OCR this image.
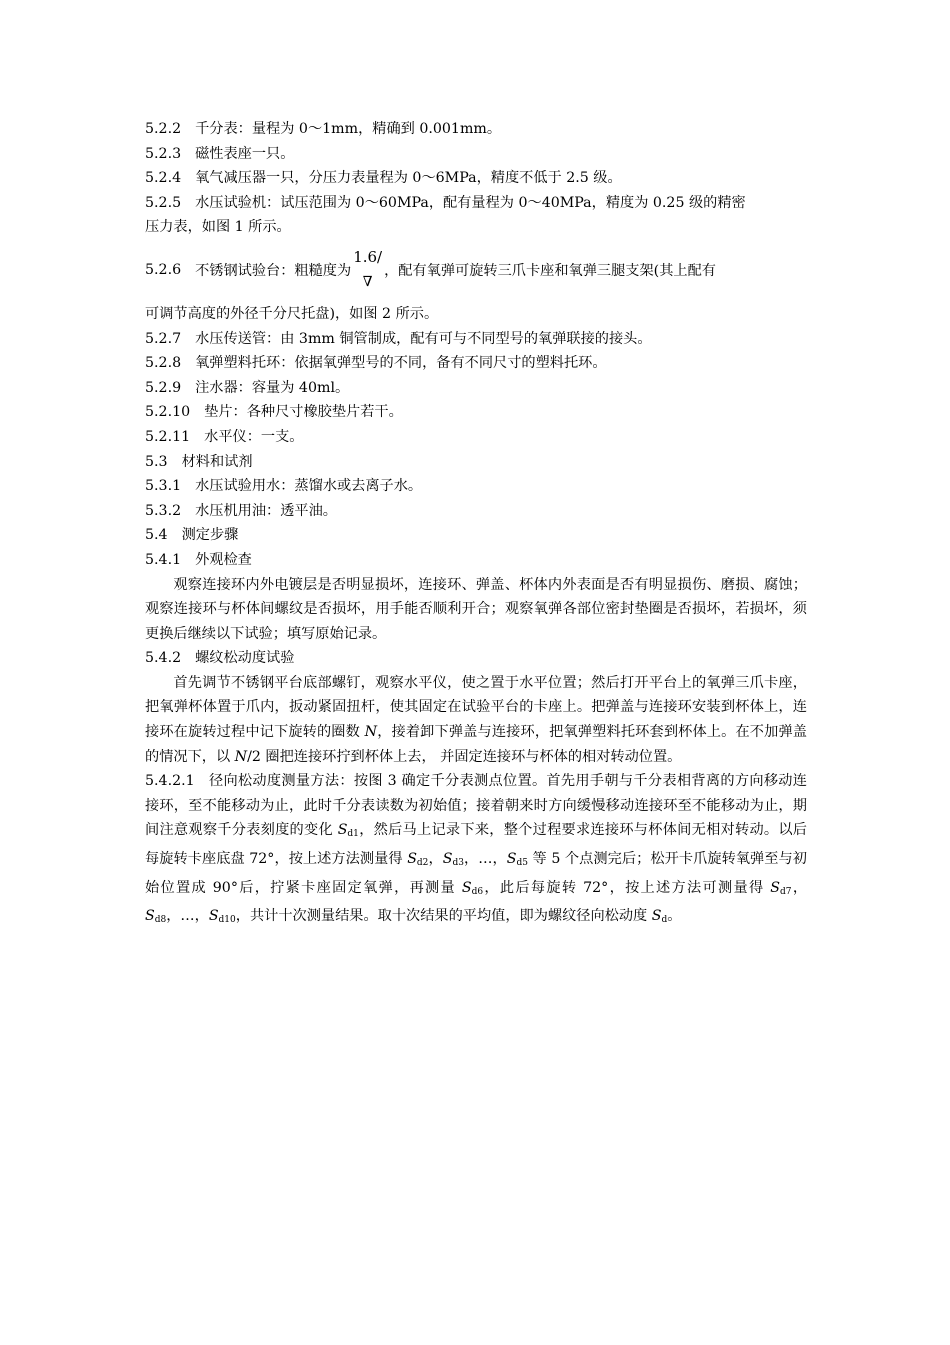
5.2.2 千分表：量程为 0～1mm，精确到 0.001mm。
5.2.3 磁性表座一只。
5.2.4 氧气减压器一只，分压力表量程为 0～6MPa，精度不低于 2.5 级。
5.2.5 水压试验机：试压范围为 0～60MPa，配有量程为 0～40MPa，精度为 0.25 级的精密
压力表，如图 1 所示。
5.2.6 不锈钢试验台：粗糙度为
1.6/
∇
，配有氧弹可旋转三爪卡座和氧弹三腿支架(其上配有
可调节高度的外径千分尺托盘)，如图 2 所示。
5.2.7 水压传送管：由 3mm 铜管制成，配有可与不同型号的氧弹联接的接头。
5.2.8 氧弹塑料托环：依据氧弹型号的不同，备有不同尺寸的塑料托环。
5.2.9 注水器：容量为 40ml。
5.2.10 垫片：各种尺寸橡胶垫片若干。
5.2.11 水平仪：一支。
5.3 材料和试剂
5.3.1 水压试验用水：蒸馏水或去离子水。
5.3.2 水压机用油：透平油。
5.4 测定步骤
5.4.1 外观检查
观察连接环内外电镀层是否明显损坏，连接环、弹盖、杯体内外表面是否有明显损伤、磨损、腐蚀；观察连接环与杯体间螺纹是否损坏，用手能否顺利开合；观察氧弹各部位密封垫圈是否损坏，若损坏，须更换后继续以下试验；填写原始记录。
5.4.2 螺纹松动度试验
首先调节不锈钢平台底部螺钉，观察水平仪，使之置于水平位置；然后打开平台上的氧弹三爪卡座，把氧弹杯体置于爪内，扳动紧固扭杆，使其固定在试验平台的卡座上。把弹盖与连接环安装到杯体上，连接环在旋转过程中记下旋转的圈数 N，接着卸下弹盖与连接环，把氧弹塑料托环套到杯体上。在不加弹盖的情况下，以 N/2 圈把连接环拧到杯体上去， 并固定连接环与杯体的相对转动位置。
5.4.2.1 径向松动度测量方法：按图 3 确定千分表测点位置。首先用手朝与千分表相背离的方向移动连接环，至不能移动为止，此时千分表读数为初始值；接着朝来时方向缓慢移动连接环至不能移动为止，期间注意观察千分表刻度的变化 $S_{d1}$，然后马上记录下来，整个过程要求连接环与杯体间无相对转动。以后每旋转卡座底盘 72°，按上述方法测量得 $S_{d2}$，$S_{d3}$，…，$S_{d5}$ 等 5 个点测完后；松开卡爪旋转氧弹至与初始位置成 90°后，拧紧卡座固定氧弹，再测量 $S_{d6}$，此后每旋转 72°，按上述方法可测量得 $S_{d7}$，$S_{d8}$，…，$S_{d10}$，共计十次测量结果。取十次结果的平均值，即为螺纹径向松动度 $S_d$。
